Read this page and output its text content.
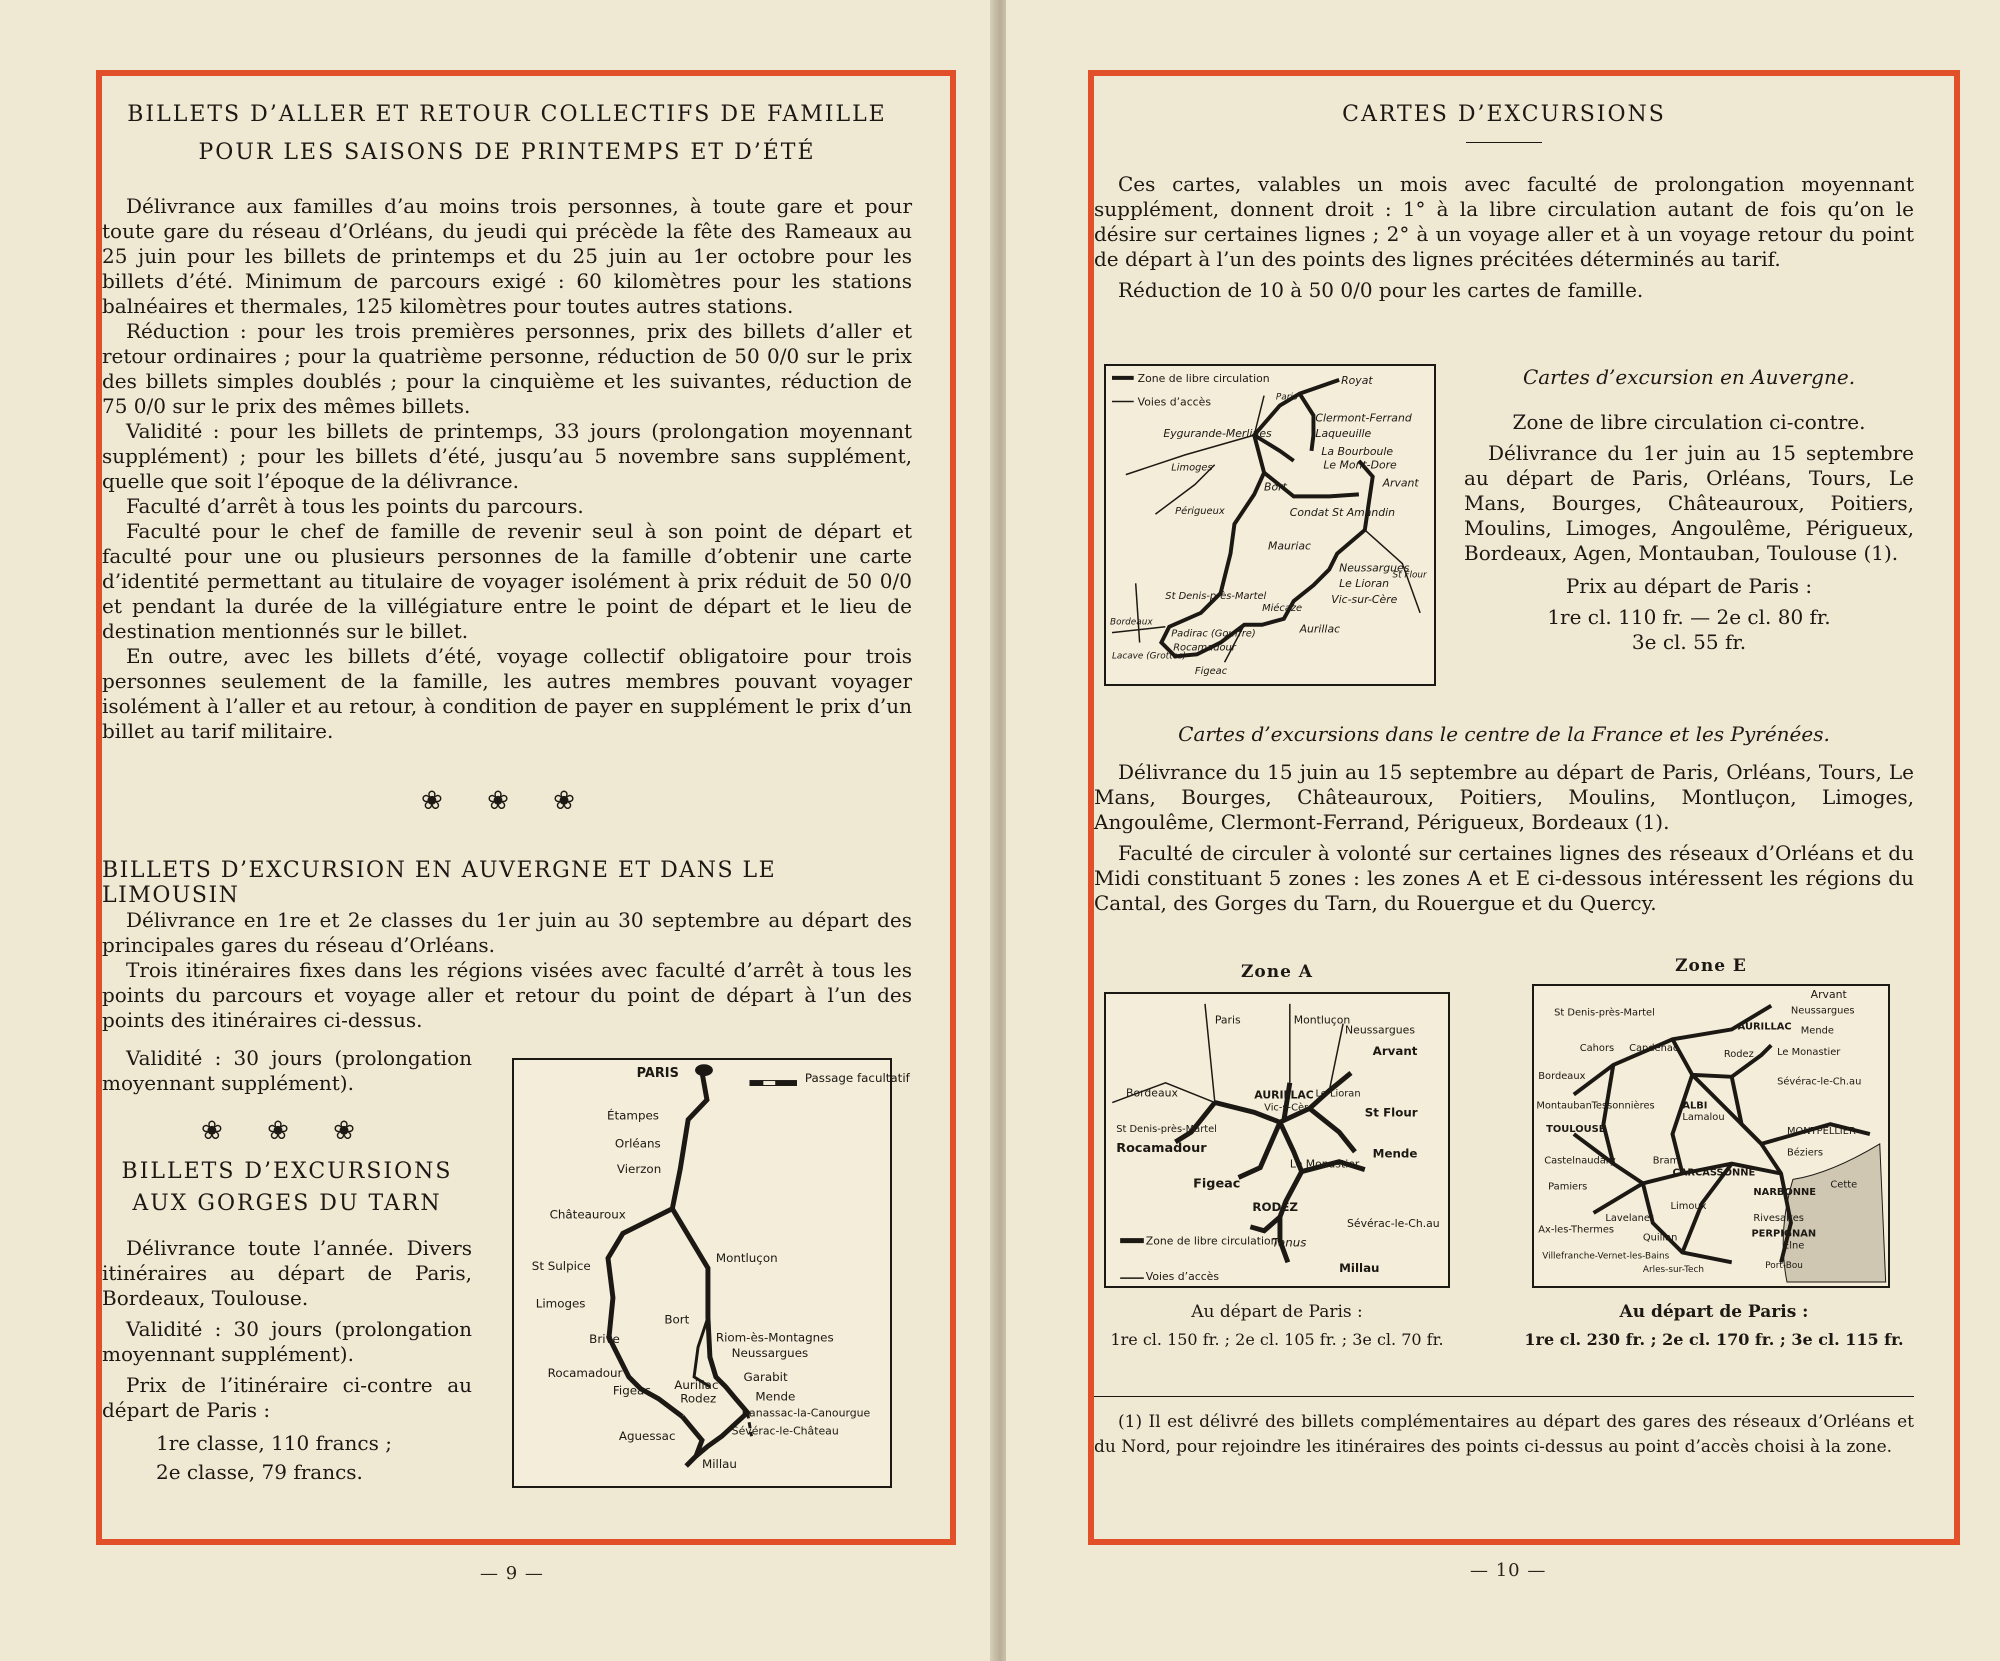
BILLETS D’ALLER ET RETOUR COLLECTIFS DE FAMILLE
POUR LES SAISONS DE PRINTEMPS ET D’ÉTÉ

Délivrance aux familles d’au moins trois personnes, à toute gare et pour toute gare du réseau d’Orléans, du jeudi qui précède la fête des Rameaux au 25 juin pour les billets de printemps et du 25 juin au 1er octobre pour les billets d’été. Minimum de parcours exigé : 60 kilomètres pour les stations balnéaires et thermales, 125 kilomètres pour toutes autres stations.

Réduction : pour les trois premières personnes, prix des billets d’aller et retour ordinaires ; pour la quatrième personne, réduction de 50 0/0 sur le prix des billets simples doublés ; pour la cinquième et les suivantes, réduction de 75 0/0 sur le prix des mêmes billets.

Validité : pour les billets de printemps, 33 jours (prolongation moyennant supplément) ; pour les billets d’été, jusqu’au 5 novembre sans supplément, quelle que soit l’époque de la délivrance.

Faculté d’arrêt à tous les points du parcours.

Faculté pour le chef de famille de revenir seul à son point de départ et faculté pour une ou plusieurs personnes de la famille d’obtenir une carte d’identité permettant au titulaire de voyager isolément à prix réduit de 50 0/0 et pendant la durée de la villégiature entre le point de départ et le lieu de destination mentionnés sur le billet.

En outre, avec les billets d’été, voyage collectif obligatoire pour trois personnes seulement de la famille, les autres membres pouvant voyager isolément à l’aller et au retour, à condition de payer en supplément le prix d’un billet au tarif militaire.

❀ ❀ ❀
BILLETS D’EXCURSION EN AUVERGNE ET DANS LE LIMOUSIN

Délivrance en 1re et 2e classes du 1er juin au 30 septembre au départ des principales gares du réseau d’Orléans.

Trois itinéraires fixes dans les régions visées avec faculté d’arrêt à tous les points du parcours et voyage aller et retour du point de départ à l’un des points des itinéraires ci-dessus.

Validité : 30 jours (prolongation moyennant supplément).

❀ ❀ ❀
BILLETS D’EXCURSIONS
AUX GORGES DU TARN

Délivrance toute l’année. Divers itinéraires au départ de Paris, Bordeaux, Toulouse.

Validité : 30 jours (prolongation moyennant supplément).

Prix de l’itinéraire ci-contre au départ de Paris :

1re classe, 110 francs ;

2e classe, 79 francs.

Passage facultatif
PARIS
Étampes
Orléans
Vierzon
Châteauroux
St Sulpice
Limoges
Montluçon
Bort
Brive	Riom-ès-Montagnes
Neussargues
Rocamadour
Figeac Aurillac
Rodez
Garabit
Mende
Banassac-la-Canourgue
Aguessac	Sévérac-le-Château
Millau
— 9 —
CARTES D’EXCURSIONS

Ces cartes, valables un mois avec faculté de prolongation moyennant supplément, donnent droit : 1° à la libre circulation autant de fois qu’on le désire sur certaines lignes ; 2° à un voyage aller et à un voyage retour du point de départ à l’un des points des lignes précitées déterminés au tarif.

Réduction de 10 à 50 0/0 pour les cartes de famille.

Zone de libre circulation
Voies d’accès
Royat
Clermont-Ferrand
Laqueuille
Eygurande-Merlines
La Bourboule
Le Mont-Dore
Arvant
Limoges
Périgueux
Bort
Condat St Amandin
Mauriac
Neussargues
Le Lioran
Vic-sur-Cère
St Denis-près-Martel
Miécaze
Aurillac
Bordeaux
Padirac (Gouffre)
Rocamadour
Lacave (Grottes)
Figeac
St Flour
Paris
Cartes d’excursion en Auvergne.

Zone de libre circulation ci-contre.

Délivrance du 1er juin au 15 septembre au départ de Paris, Orléans, Tours, Le Mans, Bourges, Châteauroux, Poitiers, Moulins, Limoges, Angoulême, Périgueux, Bordeaux, Agen, Montauban, Toulouse (1).

Prix au départ de Paris :

1re cl. 110 fr. — 2e cl. 80 fr.

3e cl. 55 fr.

Cartes d’excursions dans le centre de la France et les Pyrénées.

Délivrance du 15 juin au 15 septembre au départ de Paris, Orléans, Tours, Le Mans, Bourges, Châteauroux, Poitiers, Moulins, Montluçon, Limoges, Angoulême, Clermont-Ferrand, Périgueux, Bordeaux (1).

Faculté de circuler à volonté sur certaines lignes des réseaux d’Orléans et du Midi constituant 5 zones : les zones A et E ci-dessous intéressent les régions du Cantal, des Gorges du Tarn, du Rouergue et du Quercy.

Zone A
Zone de libre circulation
Voies d’accès
Paris	Montluçon
Neussargues
Arvant
Bordeaux	AURILLAC
Vic-s-Cère
Le Lioran
St Flour
St Denis-près-Martel
Rocamadour
Figeac
Le Monastier
Mende
RODEZ
Sévérac-le-Ch.au
Tanus
Millau
Au départ de Paris :
1re cl. 150 fr. ; 2e cl. 105 fr. ; 3e cl. 70 fr.
Zone E
Arvant
St Denis-près-Martel	Neussargues
AURILLAC Mende
Cahors Capdenac
Rodez Le Monastier
Bordeaux
Sévérac-le-Ch.au
Montauban Tessonnières	ALBI
Lamalou
MONTPELLIER
TOULOUSE
Béziers
Castelnaudary	Bram
CARCASSONNE
Pamiers
NARBONNE
Cette
Limoux
Rivesaltes
Ax-les-Thermes
Lavelanet
Quillan	PERPIGNAN
Elne
Villefranche-Vernet-les-Bains
Arles-sur-Tech	Port-Bou
Au départ de Paris :
1re cl. 230 fr. ; 2e cl. 170 fr. ; 3e cl. 115 fr.

(1) Il est délivré des billets complémentaires au départ des gares des réseaux d’Orléans et du Nord, pour rejoindre les itinéraires des points ci-dessus au point d’accès choisi à la zone.

— 10 —
